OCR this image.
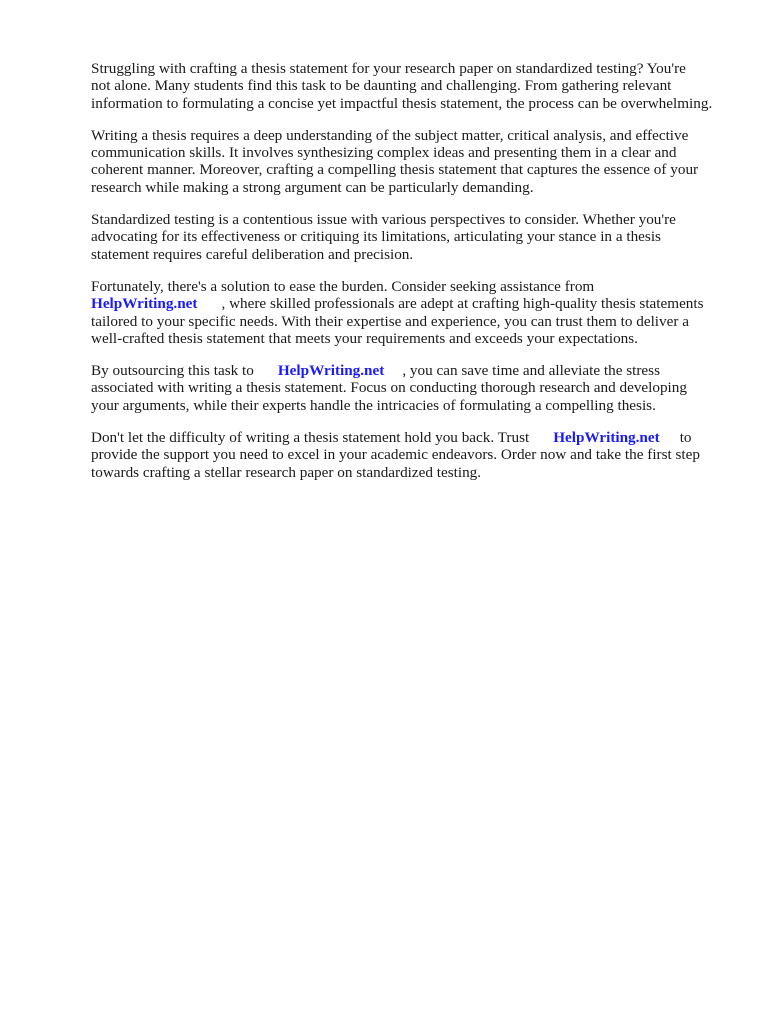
Struggling with crafting a thesis statement for your research paper on standardized testing? You're
not alone. Many students find this task to be daunting and challenging. From gathering relevant
information to formulating a concise yet impactful thesis statement, the process can be overwhelming.

Writing a thesis requires a deep understanding of the subject matter, critical analysis, and effective
communication skills. It involves synthesizing complex ideas and presenting them in a clear and
coherent manner. Moreover, crafting a compelling thesis statement that captures the essence of your
research while making a strong argument can be particularly demanding.

Standardized testing is a contentious issue with various perspectives to consider. Whether you're
advocating for its effectiveness or critiquing its limitations, articulating your stance in a thesis
statement requires careful deliberation and precision.

Fortunately, there's a solution to ease the burden. Consider seeking assistance from
HelpWriting.net , where skilled professionals are adept at crafting high-quality thesis statements
tailored to your specific needs. With their expertise and experience, you can trust them to deliver a
well-crafted thesis statement that meets your requirements and exceeds your expectations.

By outsourcing this task to HelpWriting.net , you can save time and alleviate the stress
associated with writing a thesis statement. Focus on conducting thorough research and developing
your arguments, while their experts handle the intricacies of formulating a compelling thesis.

Don't let the difficulty of writing a thesis statement hold you back. Trust HelpWriting.net to
provide the support you need to excel in your academic endeavors. Order now and take the first step
towards crafting a stellar research paper on standardized testing.
